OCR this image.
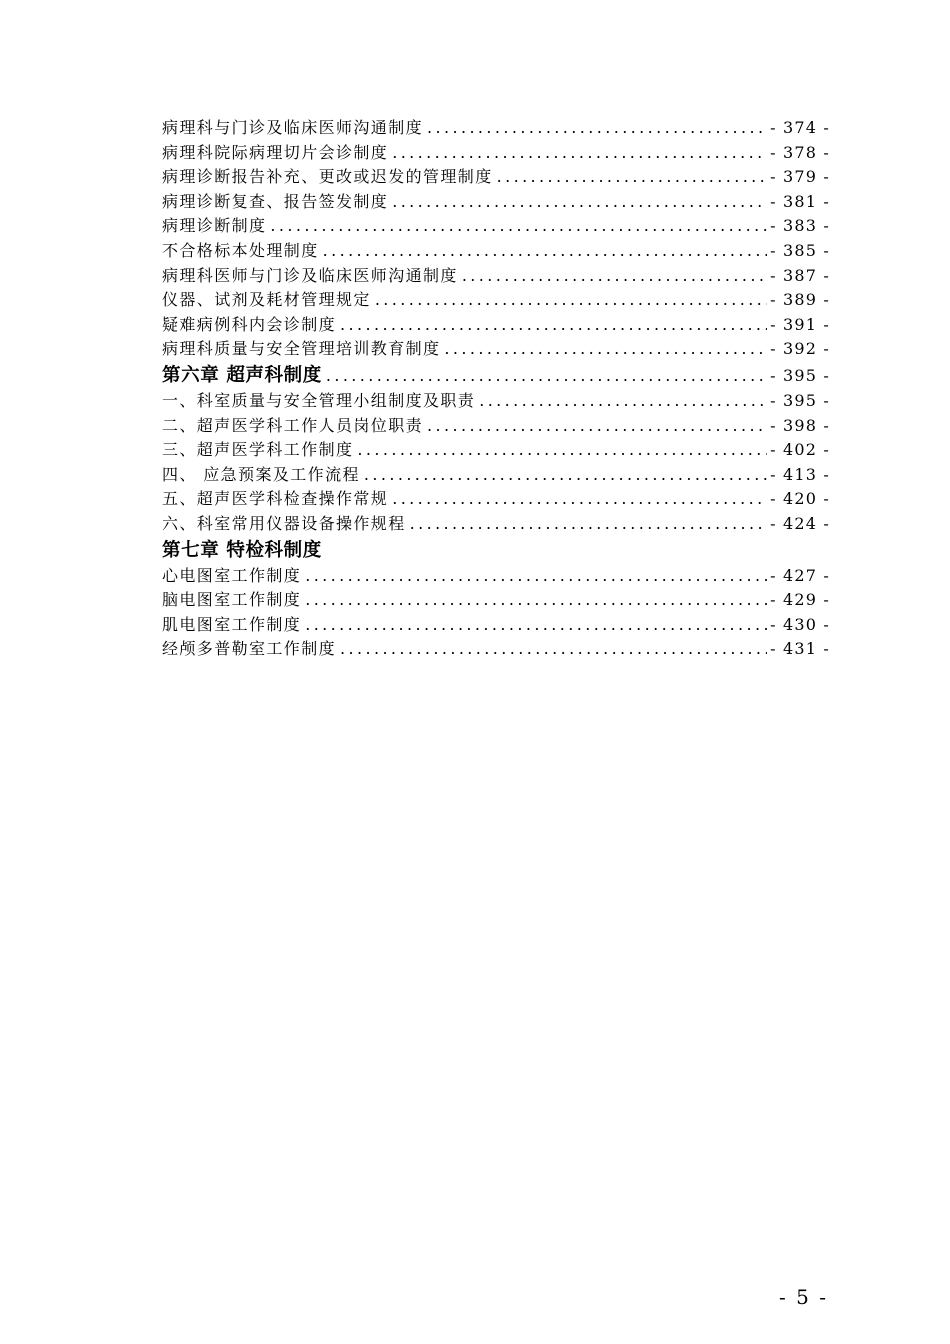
病理科与门诊及临床医师沟通制度 .....	- 374 -
病理科院际病理切片会诊制度 .....	- 378 -
病理诊断报告补充、更改或迟发的管理制度 .....	- 379 -
病理诊断复查、报告签发制度 .....	- 381 -
病理诊断制度 .....	- 383 -
不合格标本处理制度 .....	- 385 -
病理科医师与门诊及临床医师沟通制度 .....	- 387 -
仪器、试剂及耗材管理规定 .....	- 389 -
疑难病例科内会诊制度 .....	- 391 -
病理科质量与安全管理培训教育制度 .....	- 392 -
第六章 超声科制度 .....	- 395 -
一、科室质量与安全管理小组制度及职责 .....	- 395 -
二、超声医学科工作人员岗位职责 .....	- 398 -
三、超声医学科工作制度 .....	- 402 -
四、 应急预案及工作流程 .....	- 413 -
五、超声医学科检查操作常规 .....	- 420 -
六、科室常用仪器设备操作规程 .....	- 424 -
第七章 特检科制度
心电图室工作制度 .....	- 427 -
脑电图室工作制度 .....	- 429 -
肌电图室工作制度 .....	- 430 -
经颅多普勒室工作制度 .....	- 431 -
- 5 -
